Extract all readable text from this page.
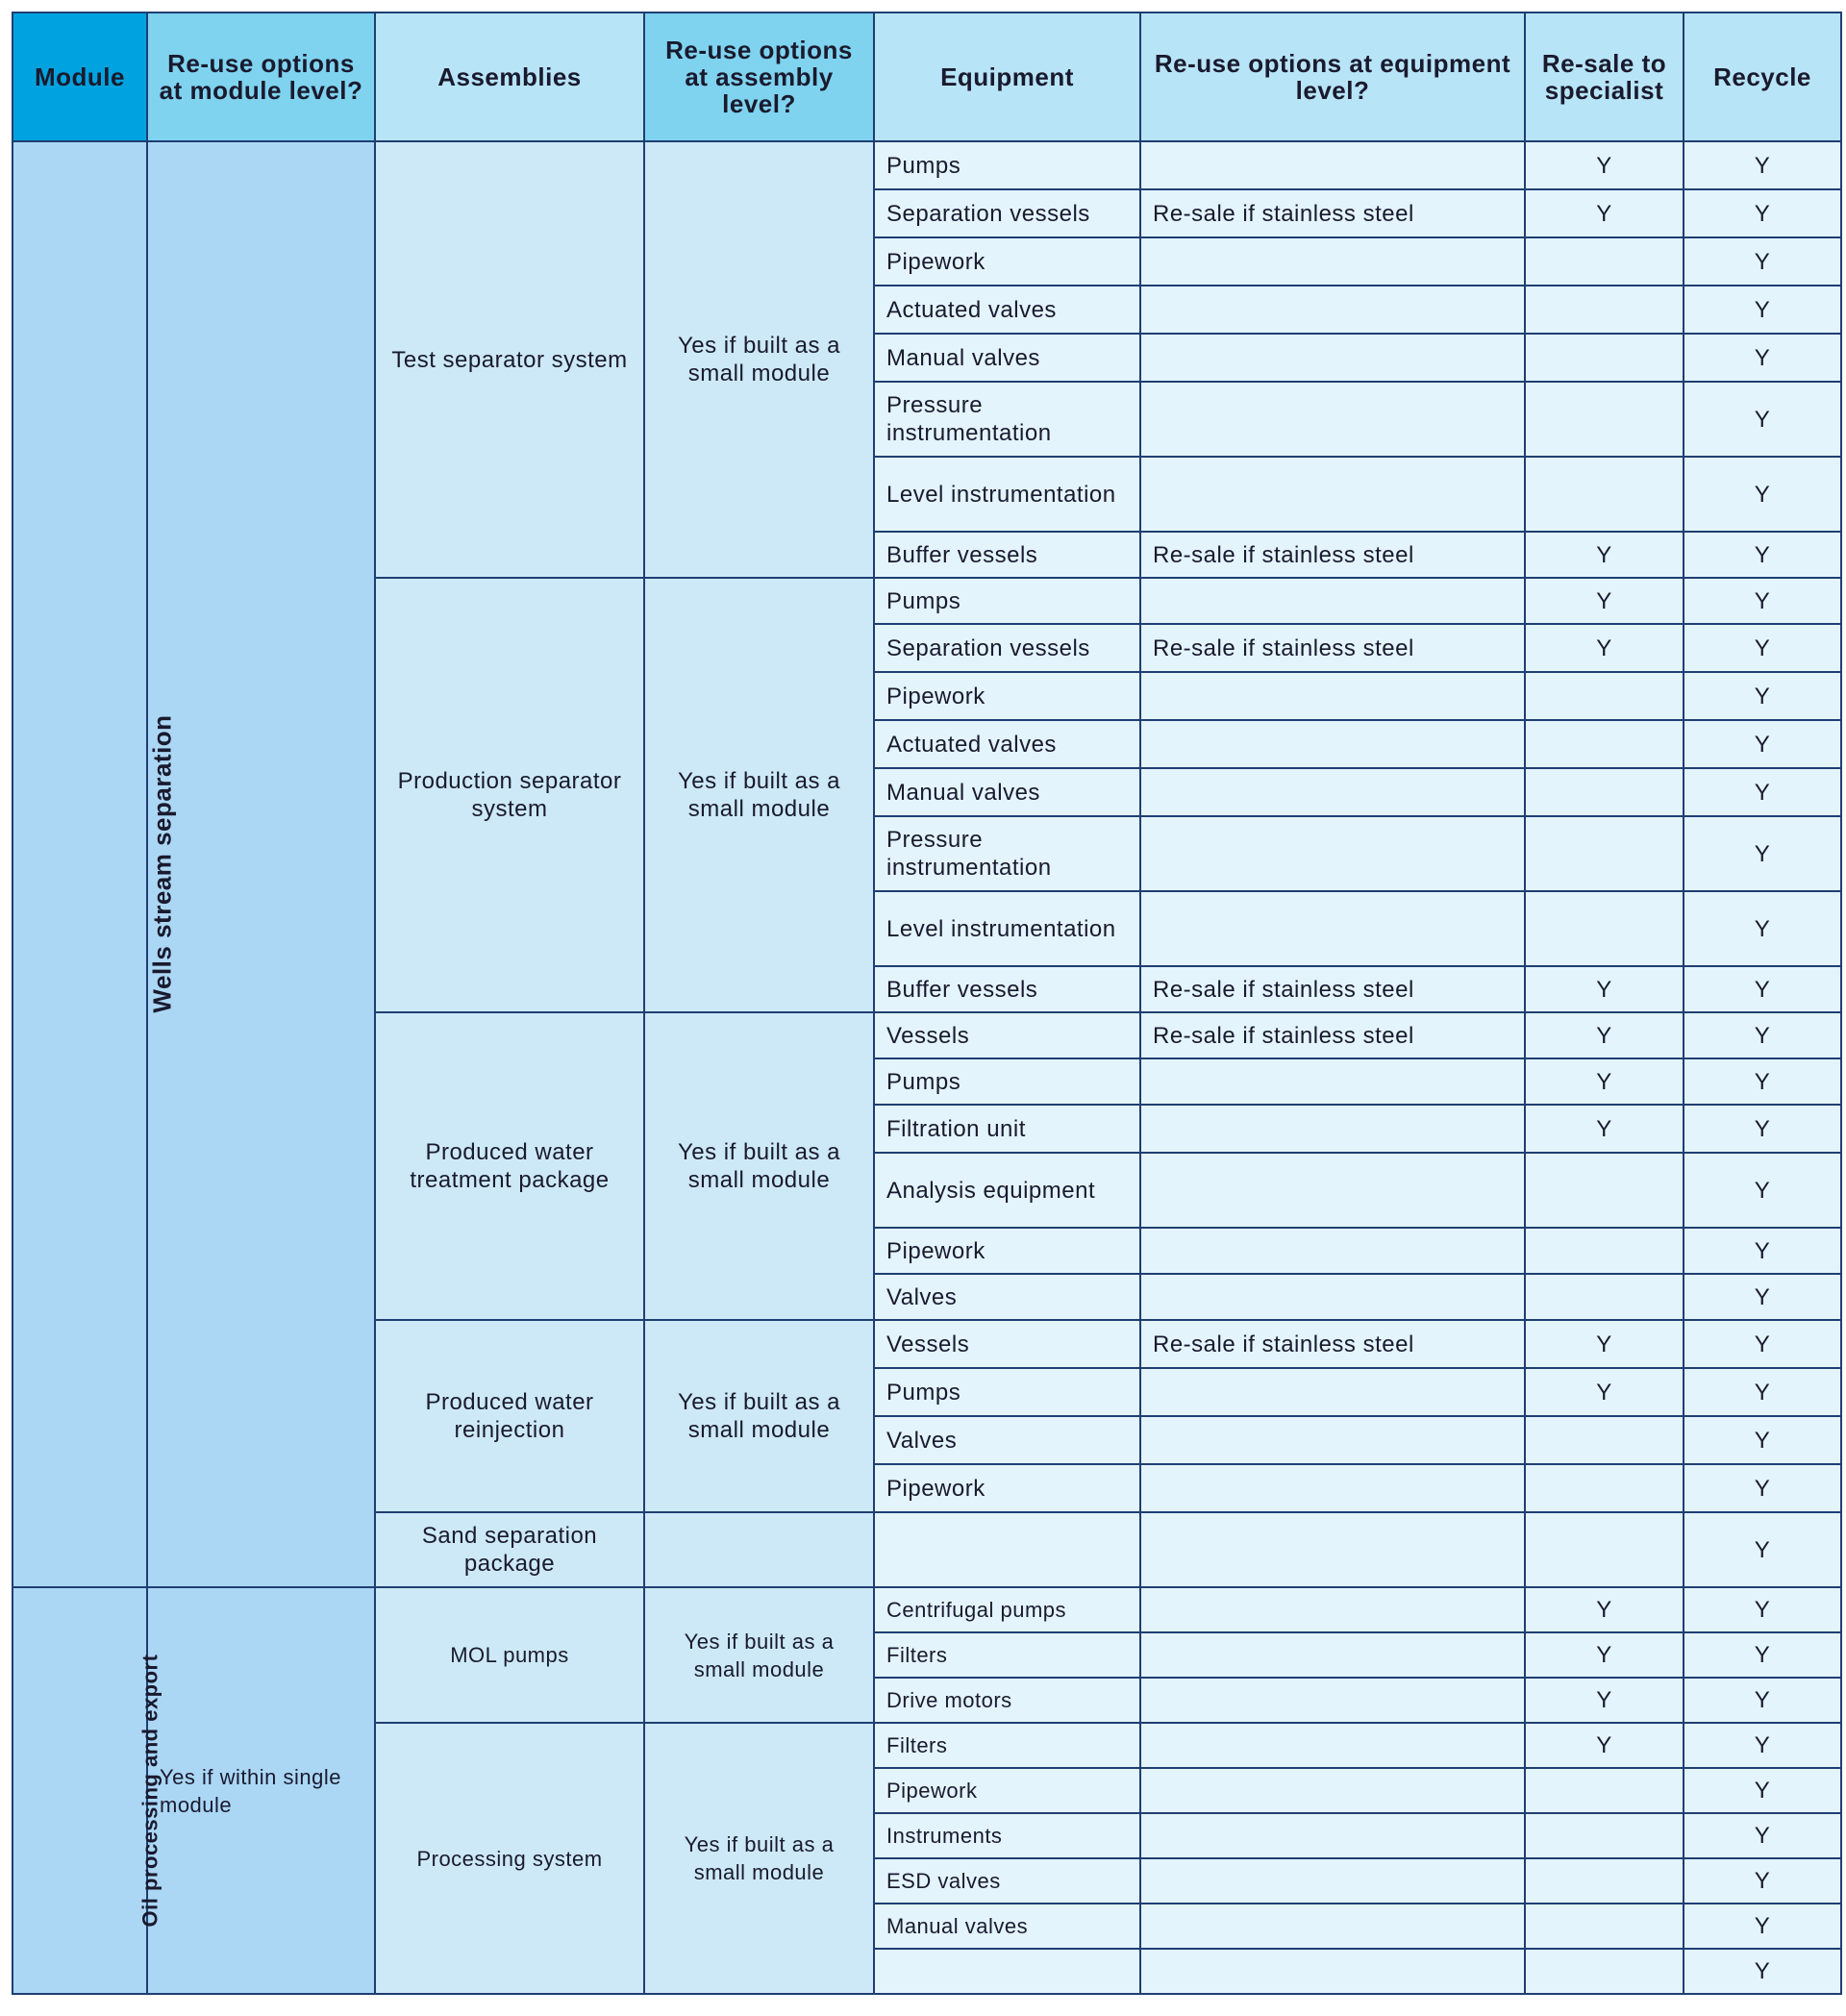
Module	Re-use options at module level?	Assemblies	Re-use options at assembly level?	Equipment	Re-use options at equipment level?	Re-sale to specialist	Recycle
Wells stream separation		Test separator system	Yes if built as a small module	Pumps		Y	Y
				Separation vessels	Re-sale if stainless steel	Y	Y
				Pipework			Y
				Actuated valves			Y
				Manual valves			Y
				Pressure instrumentation			Y
				Level instrumentation			Y
				Buffer vessels	Re-sale if stainless steel	Y	Y
		Production separator system	Yes if built as a small module	Pumps		Y	Y
				Separation vessels	Re-sale if stainless steel	Y	Y
				Pipework			Y
				Actuated valves			Y
				Manual valves			Y
				Pressure instrumentation			Y
				Level instrumentation			Y
				Buffer vessels	Re-sale if stainless steel	Y	Y
		Produced water treatment package	Yes if built as a small module	Vessels	Re-sale if stainless steel	Y	Y
				Pumps		Y	Y
				Filtration unit		Y	Y
				Analysis equipment			Y
				Pipework			Y
				Valves			Y
		Produced water reinjection	Yes if built as a small module	Vessels	Re-sale if stainless steel	Y	Y
				Pumps		Y	Y
				Valves			Y
				Pipework			Y
		Sand separation package					Y
Oil processing and export	Yes if within single module	MOL pumps	Yes if built as a small module	Centrifugal pumps		Y	Y
				Filters		Y	Y
				Drive motors		Y	Y
		Processing system	Yes if built as a small module	Filters		Y	Y
				Pipework			Y
				Instruments			Y
				ESD valves			Y
				Manual valves			Y
							Y
